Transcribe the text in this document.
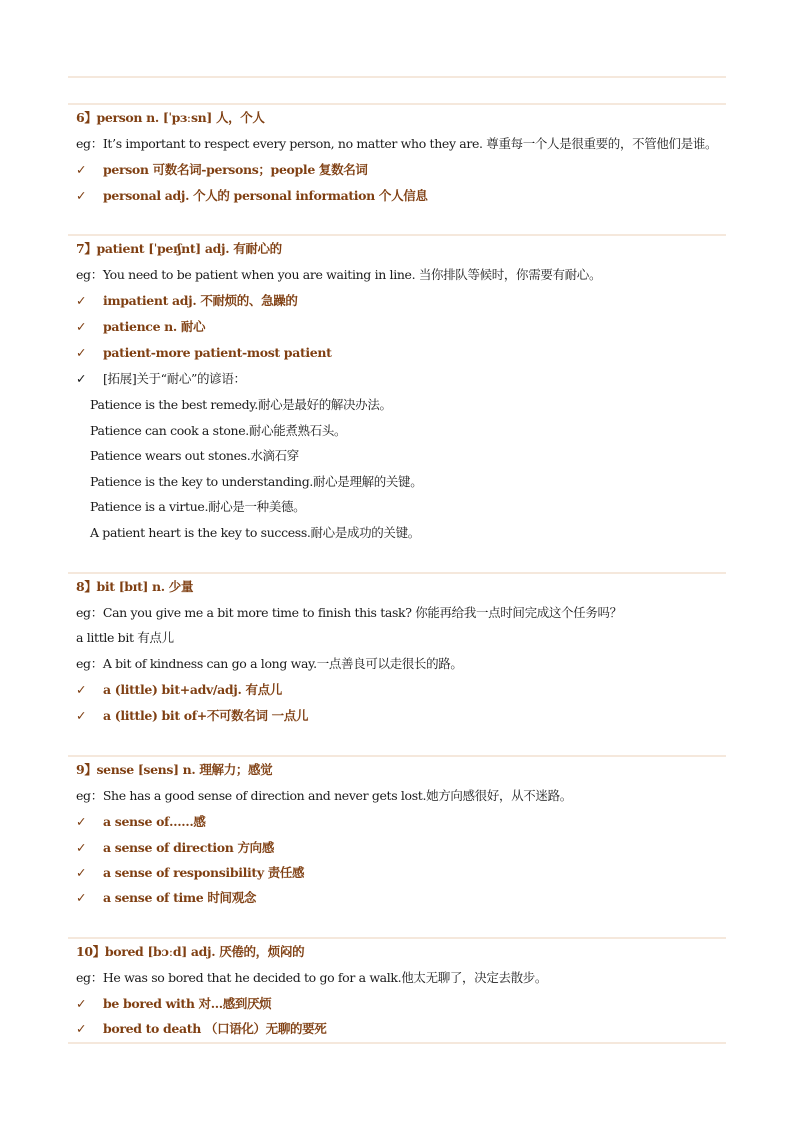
6】person n. [ˈpɜːsn] 人，个人
eg：It’s important to respect every person, no matter who they are. 尊重每一个人是很重要的，不管他们是谁。
✓ person 可数名词-persons；people 复数名词
✓ personal adj. 个人的 personal information 个人信息
7】patient [ˈpeɪʃnt] adj. 有耐心的
eg：You need to be patient when you are waiting in line. 当你排队等候时，你需要有耐心。
✓ impatient adj. 不耐烦的、急躁的
✓ patience n. 耐心
✓ patient-more patient-most patient
✓ [拓展]关于“耐心”的谚语：
Patience is the best remedy.耐心是最好的解决办法。
Patience can cook a stone.耐心能煮熟石头。
Patience wears out stones.水滴石穿
Patience is the key to understanding.耐心是理解的关键。
Patience is a virtue.耐心是一种美德。
A patient heart is the key to success.耐心是成功的关键。
8】bit [bɪt] n. 少量
eg：Can you give me a bit more time to finish this task? 你能再给我一点时间完成这个任务吗？
a little bit 有点儿
eg：A bit of kindness can go a long way.一点善良可以走很长的路。
✓ a (little) bit+adv/adj. 有点儿
✓ a (little) bit of+不可数名词 一点儿
9】sense [sens] n. 理解力；感觉
eg：She has a good sense of direction and never gets lost.她方向感很好，从不迷路。
✓ a sense of……感
✓ a sense of direction 方向感
✓ a sense of responsibility 责任感
✓ a sense of time 时间观念
10】bored [bɔːd] adj. 厌倦的，烦闷的
eg：He was so bored that he decided to go for a walk.他太无聊了，决定去散步。
✓ be bored with 对...感到厌烦
✓ bored to death （口语化）无聊的要死
